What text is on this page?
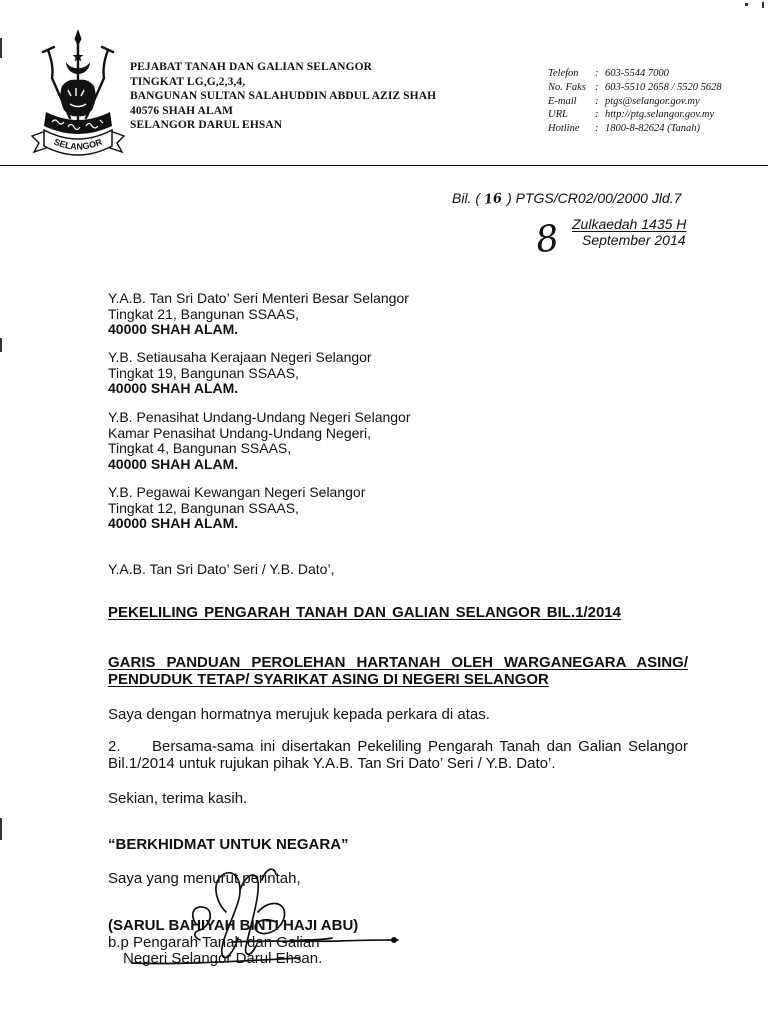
SELANGOR
PEJABAT TANAH DAN GALIAN SELANGOR
TINGKAT LG,G,2,3,4,
BANGUNAN SULTAN SALAHUDDIN ABDUL AZIZ SHAH
40576 SHAH ALAM
SELANGOR DARUL EHSAN
Telefon : 603-5544 7000
No. Faks : 603-5510 2658 / 5520 5628
E-mail : ptgs@selangor.gov.my
URL	: http://ptg.selangor.gov.my
Hotline : 1800-8-82624 (Tanah)
Bil. ( 16 ) PTGS/CR02/00/2000 Jld.7
Zulkaedah 1435 H
8 September 2014
Y.A.B. Tan Sri Dato’ Seri Menteri Besar Selangor
Tingkat 21, Bangunan SSAAS,
40000 SHAH ALAM.
Y.B. Setiausaha Kerajaan Negeri Selangor
Tingkat 19, Bangunan SSAAS,
40000 SHAH ALAM.
Y.B. Penasihat Undang-Undang Negeri Selangor
Kamar Penasihat Undang-Undang Negeri,
Tingkat 4, Bangunan SSAAS,
40000 SHAH ALAM.
Y.B. Pegawai Kewangan Negeri Selangor
Tingkat 12, Bangunan SSAAS,
40000 SHAH ALAM.
Y.A.B. Tan Sri Dato’ Seri / Y.B. Dato’,
PEKELILING PENGARAH TANAH DAN GALIAN SELANGOR BIL.1/2014
GARIS PANDUAN PEROLEHAN HARTANAH OLEH WARGANEGARA ASING/
PENDUDUK TETAP/ SYARIKAT ASING DI NEGERI SELANGOR
Saya dengan hormatnya merujuk kepada perkara di atas.
2. Bersama-sama ini disertakan Pekeliling Pengarah Tanah dan Galian Selangor
Bil.1/2014 untuk rujukan pihak Y.A.B. Tan Sri Dato’ Seri / Y.B. Dato’.
Sekian, terima kasih.
“BERKHIDMAT UNTUK NEGARA”
Saya yang menurut perintah,
(SARUL BAHIYAH BINTI HAJI ABU)
b.p Pengarah Tanah dan Galian
Negeri Selangor Darul Ehsan.
